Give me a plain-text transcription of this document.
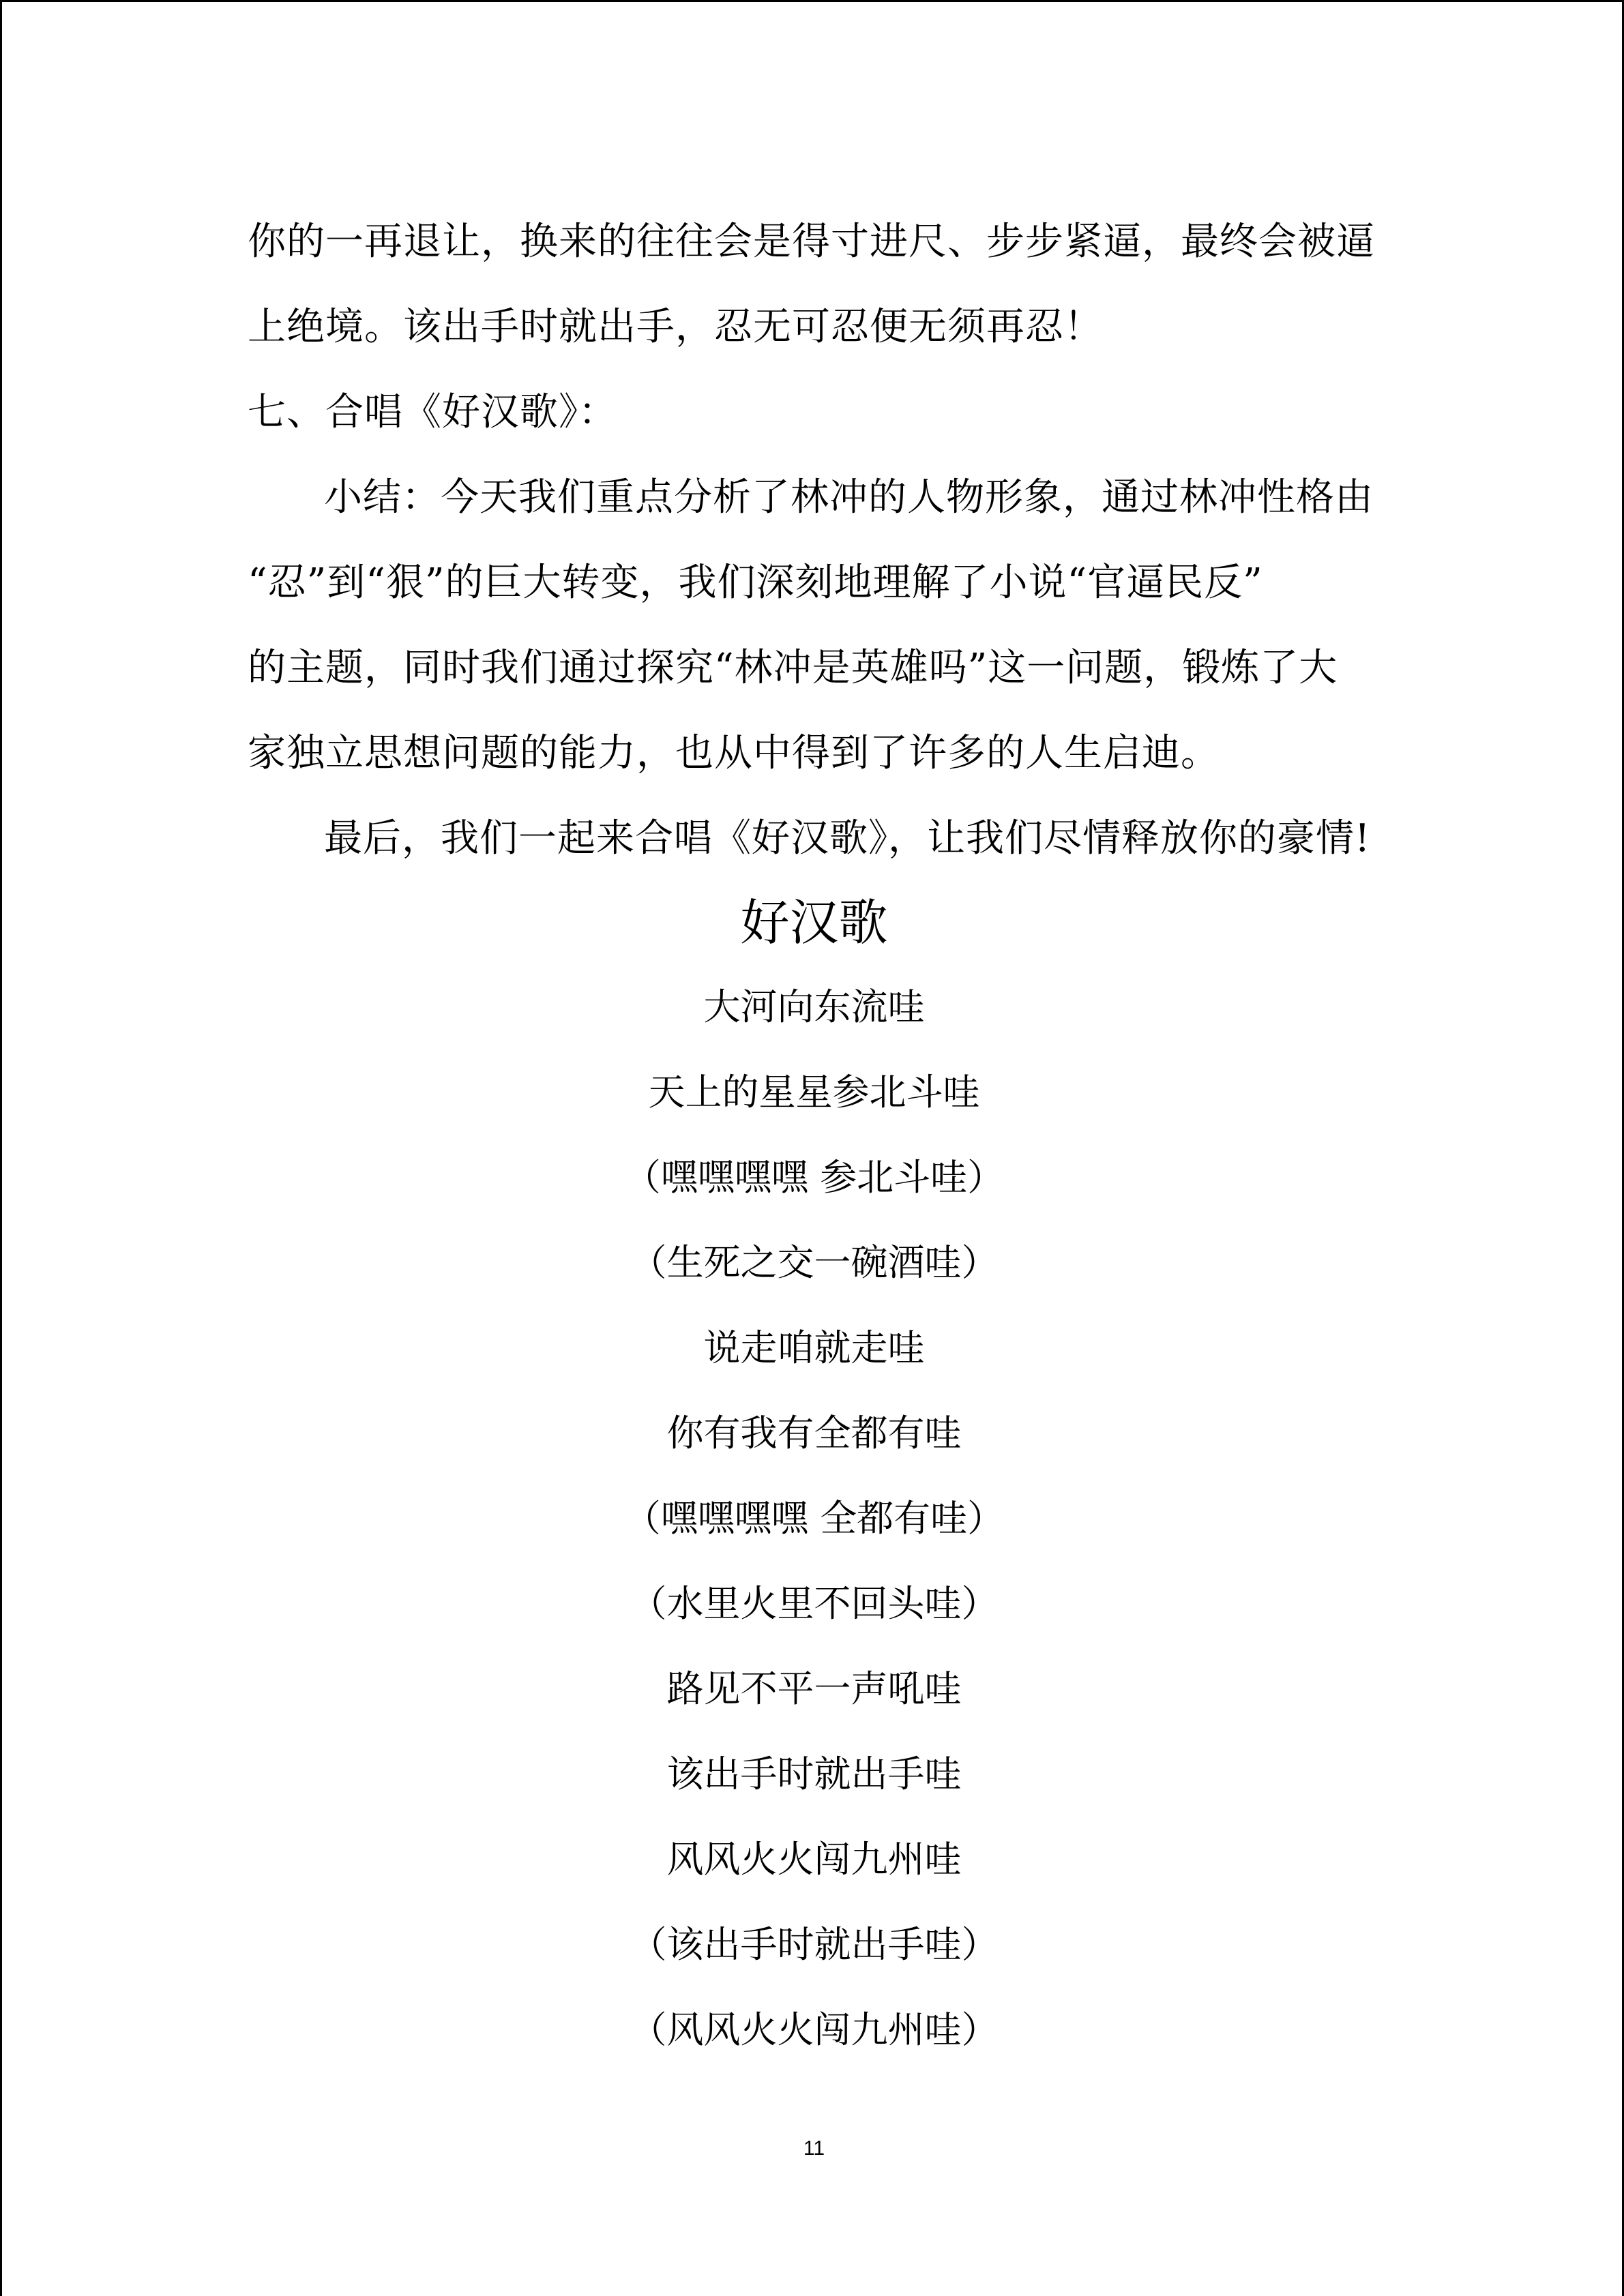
你的一再退让，换来的往往会是得寸进尺、步步紧逼，最终会被逼
上绝境。该出手时就出手，忍无可忍便无须再忍！
七、合唱《好汉歌》：
小结：今天我们重点分析了林冲的人物形象，通过林冲性格由
“忍”到“狠”的巨大转变，我们深刻地理解了小说“官逼民反”
的主题，同时我们通过探究“林冲是英雄吗”这一问题，锻炼了大
家独立思想问题的能力，也从中得到了许多的人生启迪。
最后，我们一起来合唱《好汉歌》，让我们尽情释放你的豪情!
好汉歌
大河向东流哇
天上的星星参北斗哇
（嘿嘿嘿嘿 参北斗哇）
（生死之交一碗酒哇）
说走咱就走哇
你有我有全都有哇
（嘿嘿嘿嘿 全都有哇）
（水里火里不回头哇）
路见不平一声吼哇
该出手时就出手哇
风风火火闯九州哇
（该出手时就出手哇）
（风风火火闯九州哇）
11
